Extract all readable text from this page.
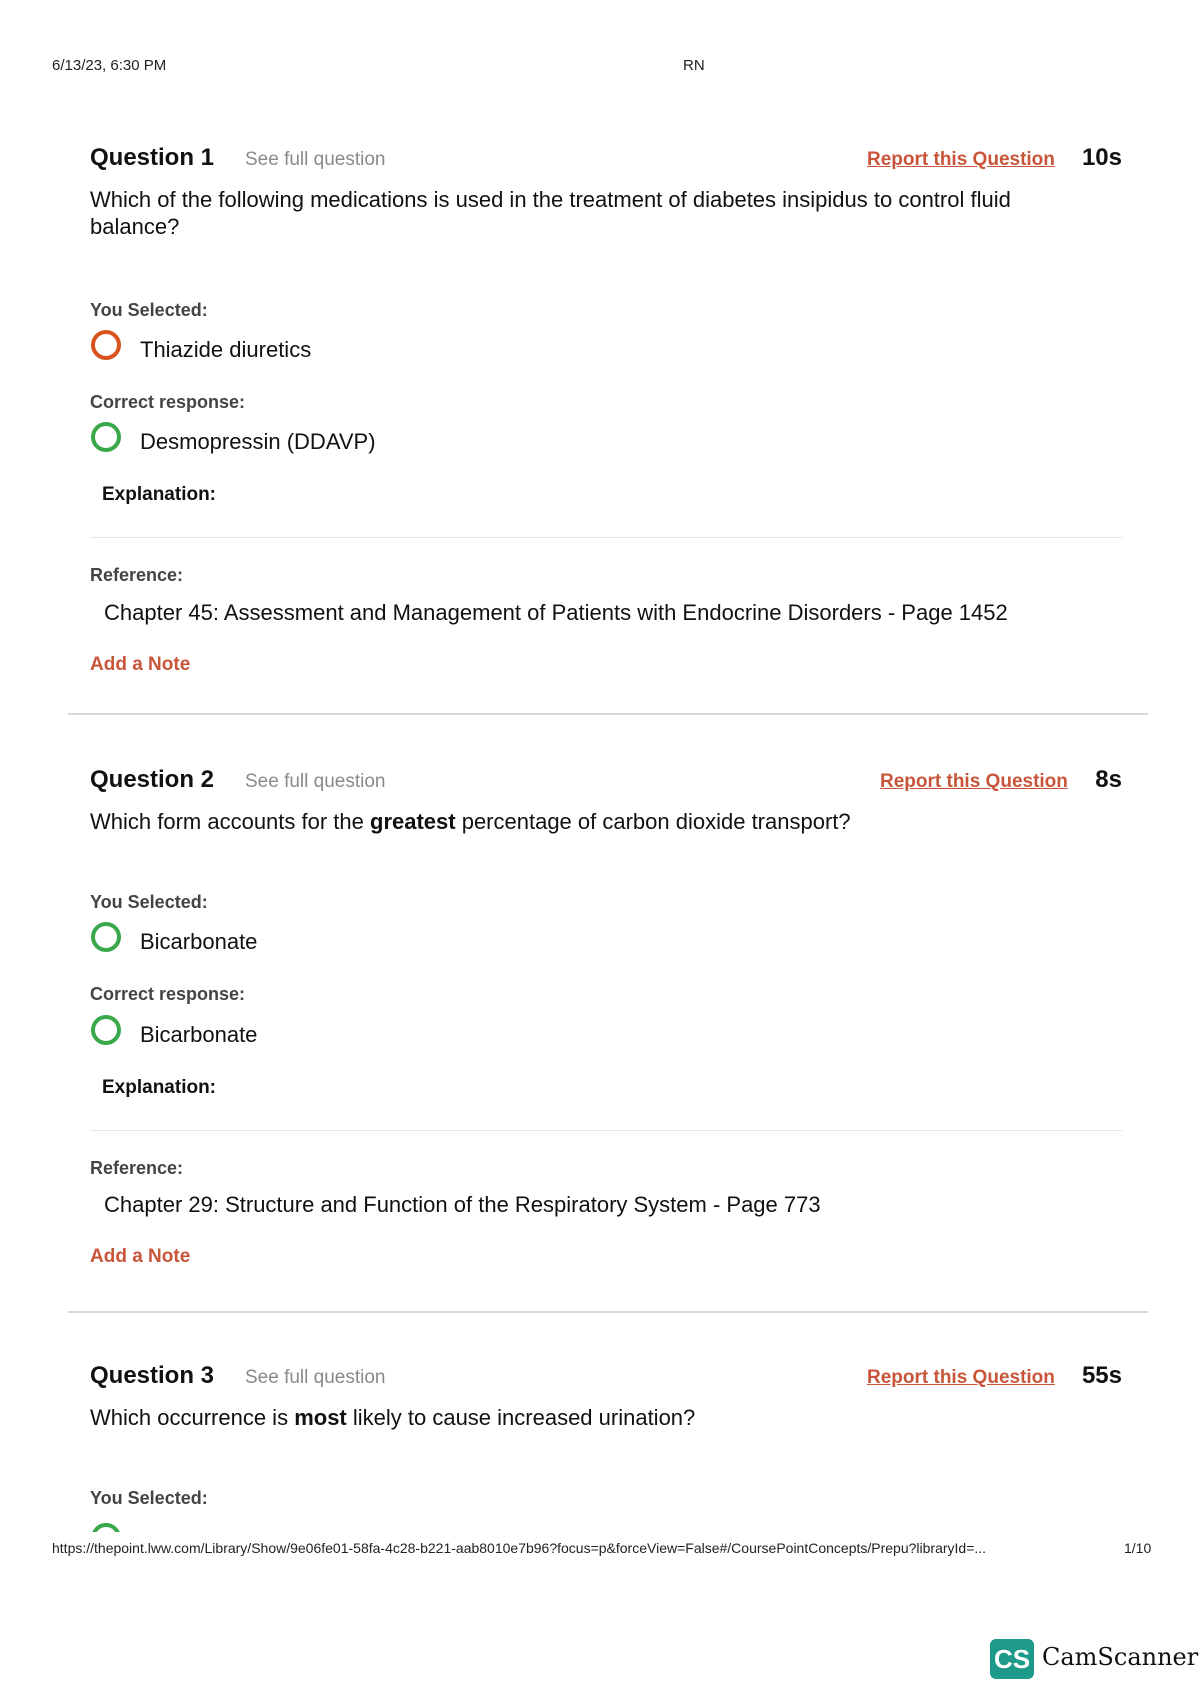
6/13/23, 6:30 PM	RN
Question 1 See full question	Report this Question 10s
Which of the following medications is used in the treatment of diabetes insipidus to control fluid balance?
You Selected:
Thiazide diuretics
Correct response:
Desmopressin (DDAVP)
Explanation:
Reference:
Chapter 45: Assessment and Management of Patients with Endocrine Disorders - Page 1452
Add a Note
Question 2 See full question	Report this Question 8s
Which form accounts for the greatest percentage of carbon dioxide transport?
You Selected:
Bicarbonate
Correct response:
Bicarbonate
Explanation:
Reference:
Chapter 29: Structure and Function of the Respiratory System - Page 773
Add a Note
Question 3 See full question	Report this Question 55s
Which occurrence is most likely to cause increased urination?
You Selected:
https://thepoint.lww.com/Library/Show/9e06fe01-58fa-4c28-b221-aab8010e7b96?focus=p&forceView=False#/CoursePointConcepts/Prepu?libraryId=...	1/10
CS CamScanner
